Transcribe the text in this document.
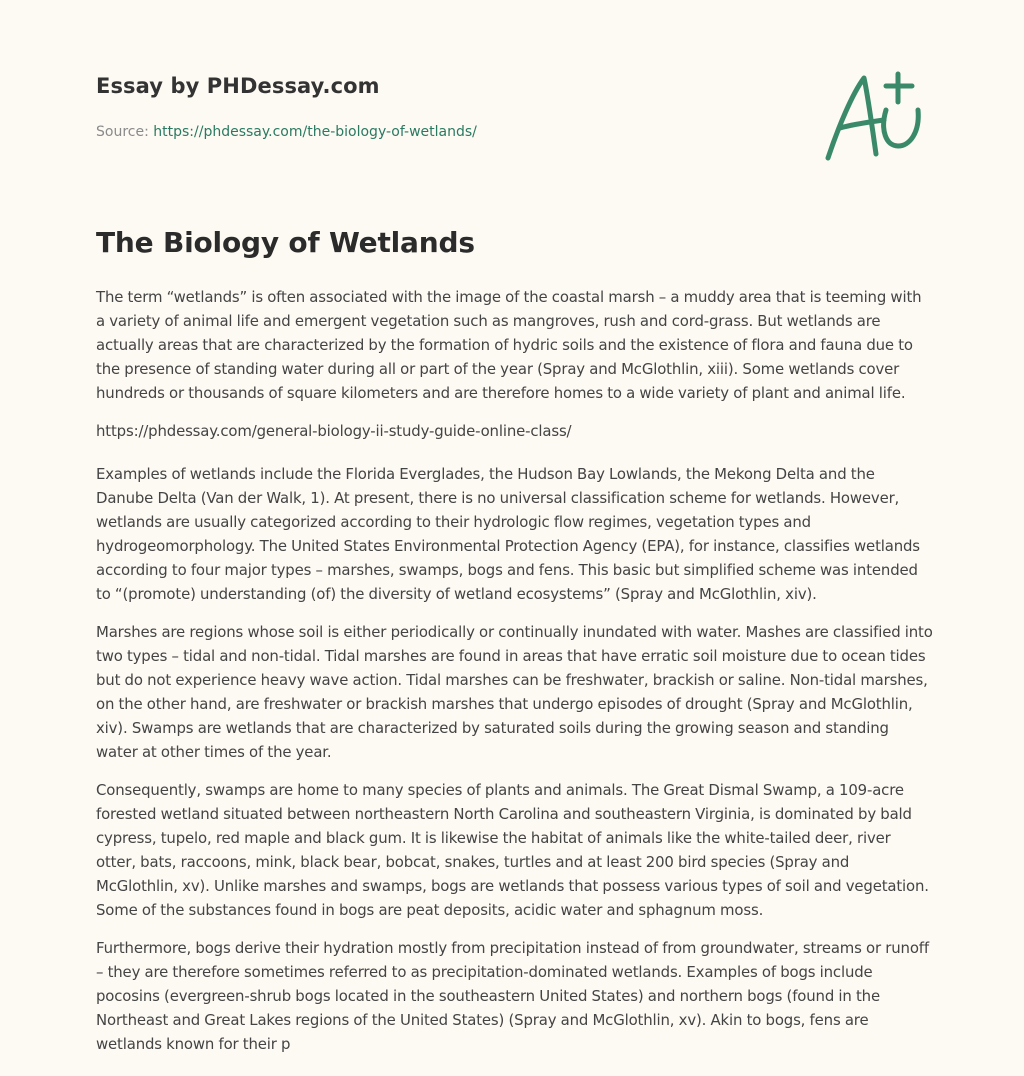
Essay by PHDessay.com
Source: https://phdessay.com/the-biology-of-wetlands/
The Biology of Wetlands

The term “wetlands” is often associated with the image of the coastal marsh – a muddy area that is teeming with a variety of animal life and emergent vegetation such as mangroves, rush and cord-grass. But wetlands are actually areas that are characterized by the formation of hydric soils and the existence of flora and fauna due to the presence of standing water during all or part of the year (Spray and McGlothlin, xiii). Some wetlands cover hundreds or thousands of square kilometers and are therefore homes to a wide variety of plant and animal life.

https://phdessay.com/general-biology-ii-study-guide-online-class/

Examples of wetlands include the Florida Everglades, the Hudson Bay Lowlands, the Mekong Delta and the Danube Delta (Van der Walk, 1). At present, there is no universal classification scheme for wetlands. However, wetlands are usually categorized according to their hydrologic flow regimes, vegetation types and hydrogeomorphology. The United States Environmental Protection Agency (EPA), for instance, classifies wetlands according to four major types – marshes, swamps, bogs and fens. This basic but simplified scheme was intended to “(promote) understanding (of) the diversity of wetland ecosystems” (Spray and McGlothlin, xiv).

Marshes are regions whose soil is either periodically or continually inundated with water. Mashes are classified into two types – tidal and non-tidal. Tidal marshes are found in areas that have erratic soil moisture due to ocean tides but do not experience heavy wave action. Tidal marshes can be freshwater, brackish or saline. Non-tidal marshes, on the other hand, are freshwater or brackish marshes that undergo episodes of drought (Spray and McGlothlin, xiv). Swamps are wetlands that are characterized by saturated soils during the growing season and standing water at other times of the year.

Consequently, swamps are home to many species of plants and animals. The Great Dismal Swamp, a 109-acre forested wetland situated between northeastern North Carolina and southeastern Virginia, is dominated by bald cypress, tupelo, red maple and black gum. It is likewise the habitat of animals like the white-tailed deer, river otter, bats, raccoons, mink, black bear, bobcat, snakes, turtles and at least 200 bird species (Spray and McGlothlin, xv). Unlike marshes and swamps, bogs are wetlands that possess various types of soil and vegetation. Some of the substances found in bogs are peat deposits, acidic water and sphagnum moss.

Furthermore, bogs derive their hydration mostly from precipitation instead of from groundwater, streams or runoff – they are therefore sometimes referred to as precipitation-dominated wetlands. Examples of bogs include pocosins (evergreen-shrub bogs located in the southeastern United States) and northern bogs (found in the Northeast and Great Lakes regions of the United States) (Spray and McGlothlin, xv). Akin to bogs, fens are wetlands known for their p
